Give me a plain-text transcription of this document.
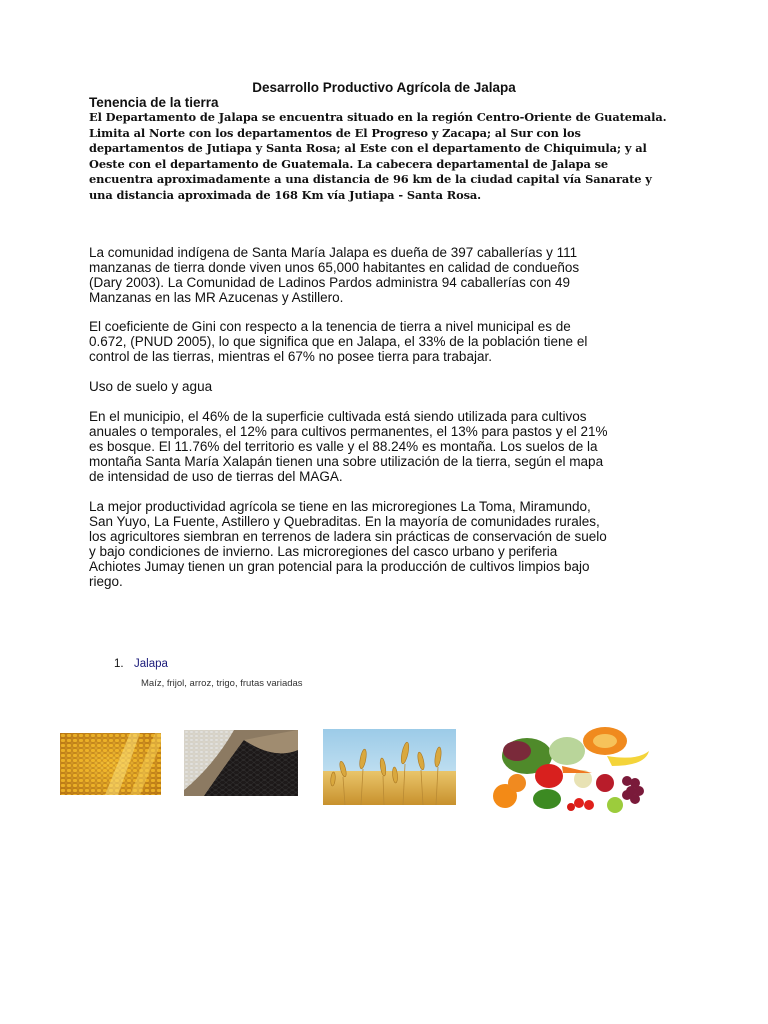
Desarrollo Productivo Agrícola de Jalapa
Tenencia de la tierra

El Departamento de Jalapa se encuentra situado en la región Centro-Oriente de Guatemala.
Limita al Norte con los departamentos de El Progreso y Zacapa; al Sur con los
departamentos de Jutiapa y Santa Rosa; al Este con el departamento de Chiquimula; y al
Oeste con el departamento de Guatemala. La cabecera departamental de Jalapa se
encuentra aproximadamente a una distancia de 96 km de la ciudad capital vía Sanarate y
una distancia aproximada de 168 Km vía Jutiapa - Santa Rosa.

La comunidad indígena de Santa María Jalapa es dueña de 397 caballerías y 111
manzanas de tierra donde viven unos 65,000 habitantes en calidad de condueños
(Dary 2003). La Comunidad de Ladinos Pardos administra 94 caballerías con 49
Manzanas en las MR Azucenas y Astillero.

El coeficiente de Gini con respecto a la tenencia de tierra a nivel municipal es de
0.672, (PNUD 2005), lo que significa que en Jalapa, el 33% de la población tiene el
control de las tierras, mientras el 67% no posee tierra para trabajar.

Uso de suelo y agua

En el municipio, el 46% de la superficie cultivada está siendo utilizada para cultivos
anuales o temporales, el 12% para cultivos permanentes, el 13% para pastos y el 21%
es bosque. El 11.76% del territorio es valle y el 88.24% es montaña. Los suelos de la
montaña Santa María Xalapán tienen una sobre utilización de la tierra, según el mapa
de intensidad de uso de tierras del MAGA.

La mejor productividad agrícola se tiene en las microregiones La Toma, Miramundo,
San Yuyo, La Fuente, Astillero y Quebraditas. En la mayoría de comunidades rurales,
los agricultores siembran en terrenos de ladera sin prácticas de conservación de suelo
y bajo condiciones de invierno. Las microregiones del casco urbano y periferia
Achiotes Jumay tienen un gran potencial para la producción de cultivos limpios bajo
riego.

1. Jalapa
Maíz, frijol, arroz, trigo, frutas variadas
